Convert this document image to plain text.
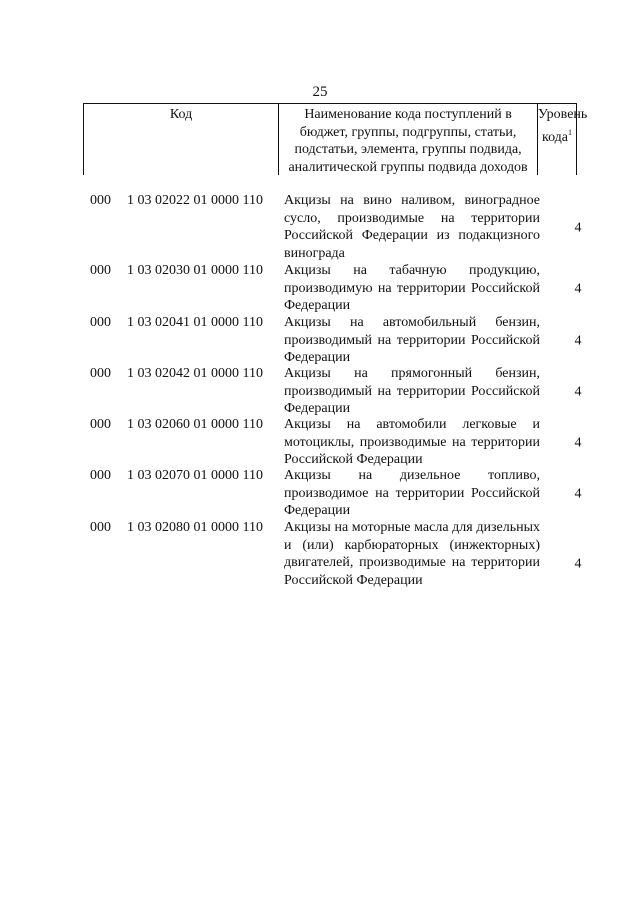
25
Код	Наименование кода поступлений в бюджет, группы, подгруппы, статьи, подстатьи, элемента, группы подвида, аналитической группы подвида доходов
Уровень кода$^1$
000 1 03 02022 01 0000 110 Акцизы на вино наливом, виноградное сусло, производимые на территории Российской Федерации из подакцизного винограда
4
000 1 03 02030 01 0000 110 Акцизы на табачную продукцию, производимую на территории Российской Федерации
4
000 1 03 02041 01 0000 110 Акцизы на автомобильный бензин, производимый на территории Российской Федерации
4
000 1 03 02042 01 0000 110 Акцизы на прямогонный бензин, производимый на территории Российской Федерации
4
000 1 03 02060 01 0000 110 Акцизы на автомобили легковые и мотоциклы, производимые на территории Российской Федерации
4
000 1 03 02070 01 0000 110 Акцизы на дизельное топливо, производимое на территории Российской Федерации
4
000 1 03 02080 01 0000 110 Акцизы на моторные масла для дизельных и (или) карбюраторных (инжекторных) двигателей, производимые на территории Российской Федерации
4
